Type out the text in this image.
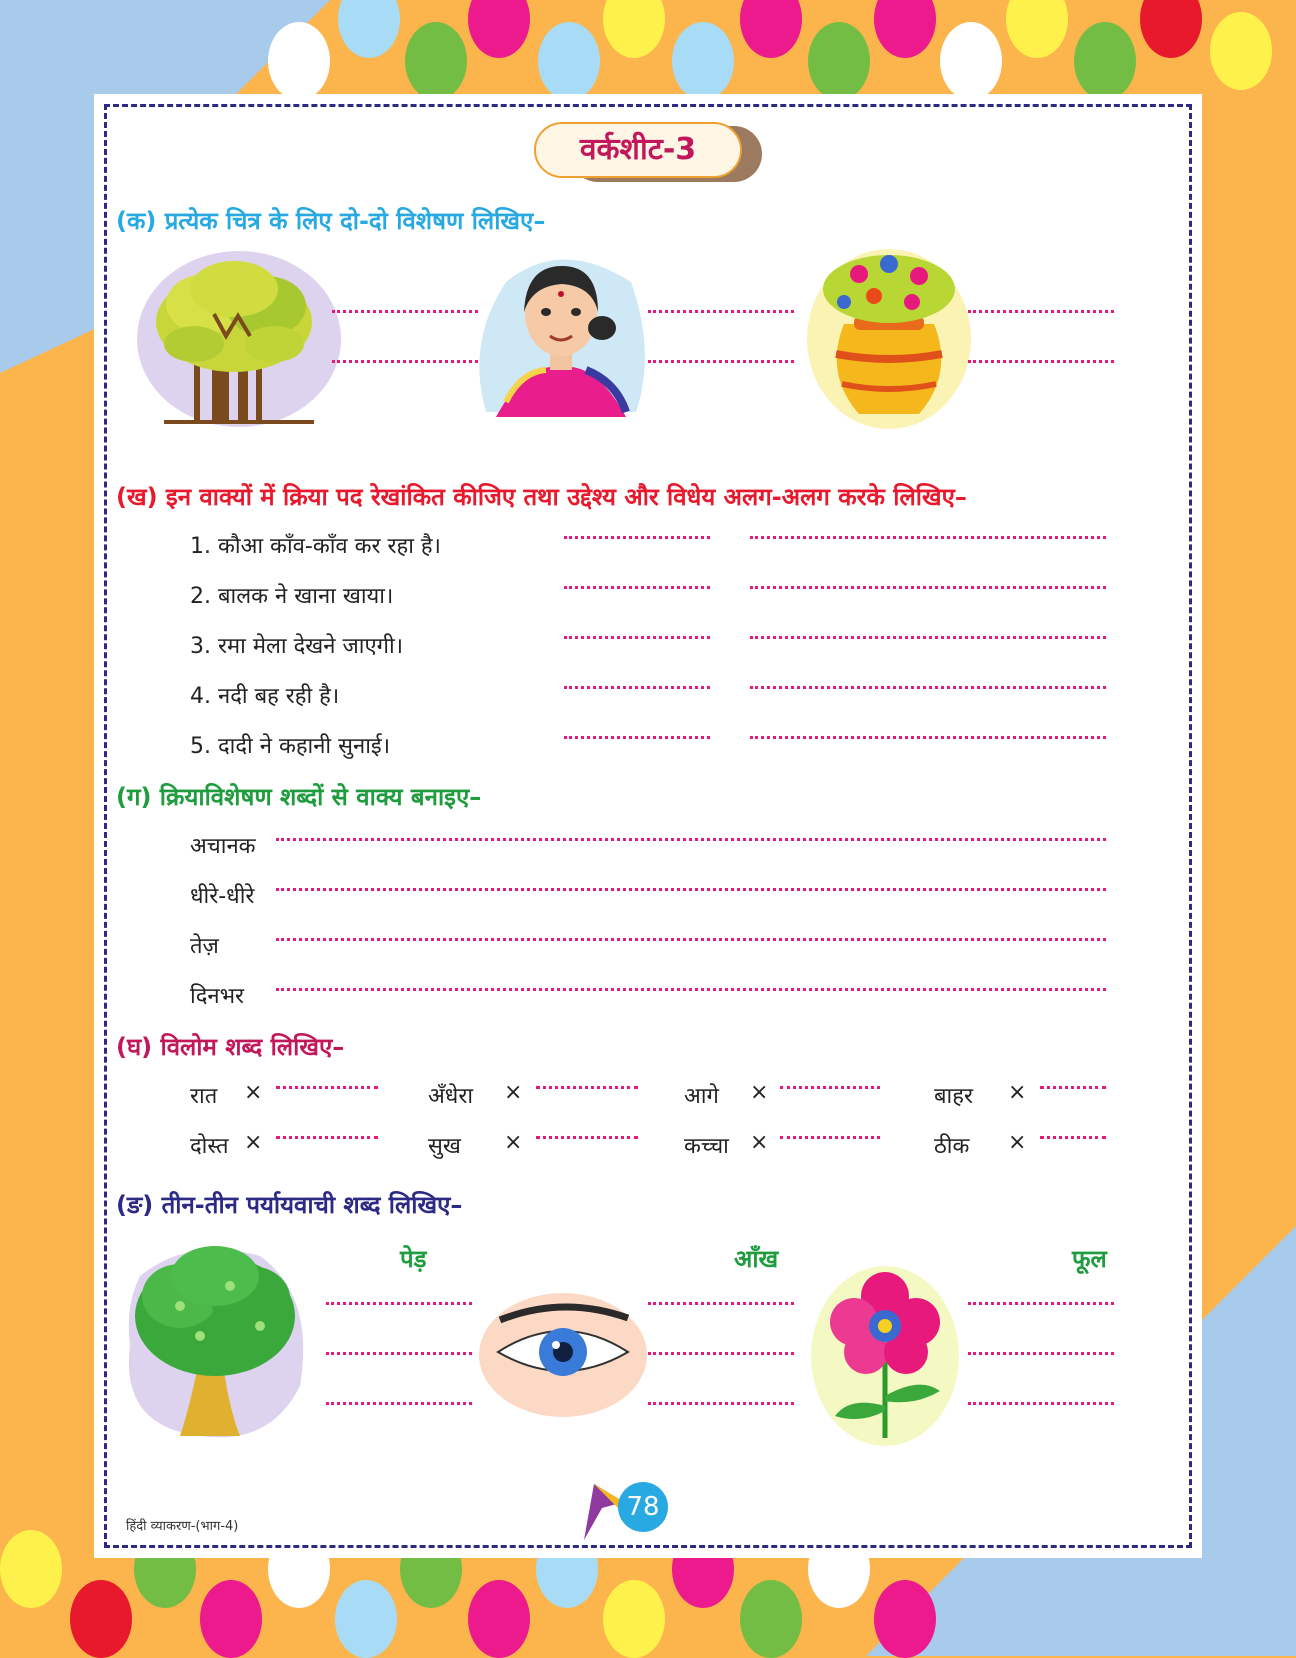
वर्कशीट-3
(क) प्रत्येक चित्र के लिए दो-दो विशेषण लिखिए–
(ख) इन वाक्यों में क्रिया पद रेखांकित कीजिए तथा उद्देश्य और विधेय अलग-अलग करके लिखिए–
1. कौआ काँव-काँव कर रहा है।
2. बालक ने खाना खाया।
3. रमा मेला देखने जाएगी।
4. नदी बह रही है।
5. दादी ने कहानी सुनाई।
(ग) क्रियाविशेषण शब्दों से वाक्य बनाइए–
अचानक
धीरे-धीरे
तेज़
दिनभर
(घ) विलोम शब्द लिखिए–
रात ×	अँधेरा ×	आगे ×	बाहर ×
दोस्त ×	सुख ×	कच्चा ×	ठीक ×
(ङ) तीन-तीन पर्यायवाची शब्द लिखिए–
पेड़	आँख	फूल
78
हिंदी व्याकरण-(भाग-4)
